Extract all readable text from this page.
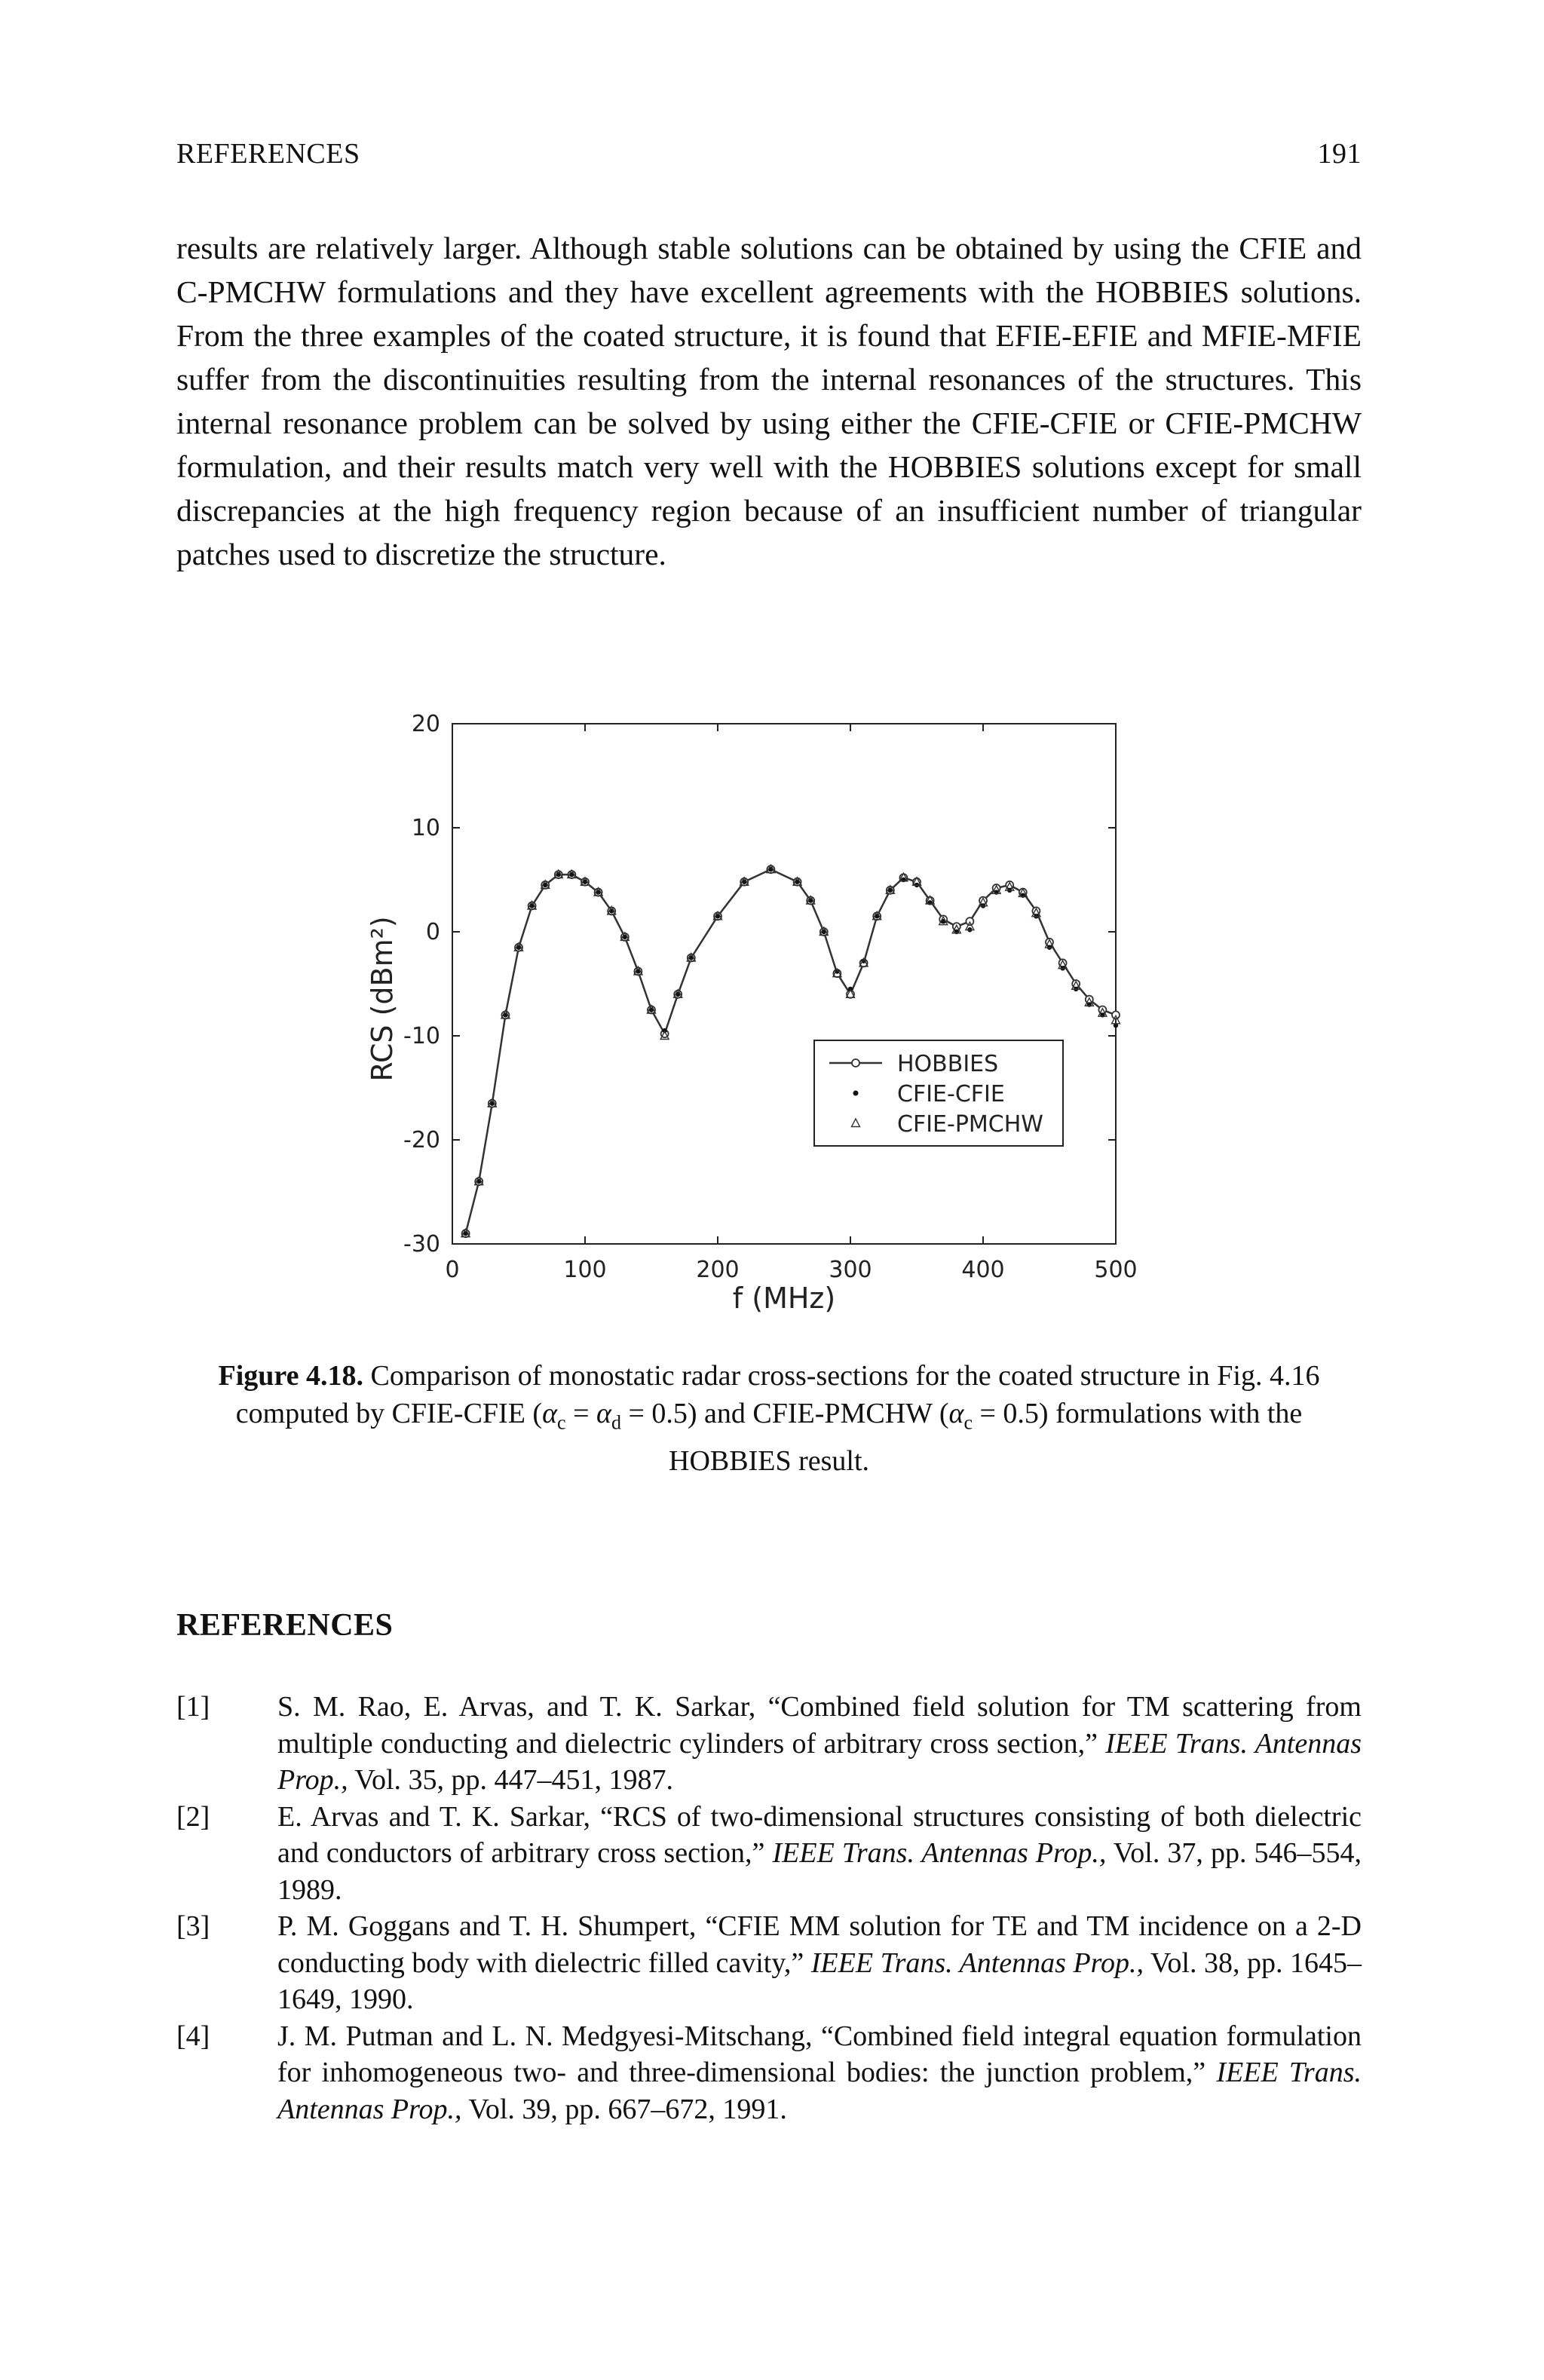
REFERENCES	191

results are relatively larger. Although stable solutions can be obtained by using the CFIE and C-PMCHW formulations and they have excellent agreements with the HOBBIES solutions. From the three examples of the coated structure, it is found that EFIE-EFIE and MFIE-MFIE suffer from the discontinuities resulting from the internal resonances of the structures. This internal resonance problem can be solved by using either the CFIE-CFIE or CFIE-PMCHW formulation, and their results match very well with the HOBBIES solutions except for small discrepancies at the high frequency region because of an insufficient number of triangular patches used to discretize the structure.

0	100	200	300	400	500
20
10
0
-10
-20
-30
HOBBIES
CFIE-CFIE
CFIE-PMCHW
f (MHz)
RCS (dBm²)
Figure 4.18. Comparison of monostatic radar cross-sections for the coated structure in Fig. 4.16 computed by CFIE-CFIE $(\alpha_c = \alpha_d = 0.5)$ and CFIE-PMCHW $(\alpha_c = 0.5)$ formulations with the HOBBIES result.
REFERENCES
[1]	S. M. Rao, E. Arvas, and T. K. Sarkar, “Combined field solution for TM scattering from multiple conducting and dielectric cylinders of arbitrary cross section,” IEEE Trans. Antennas Prop., Vol. 35, pp. 447–451, 1987.
[2]	E. Arvas and T. K. Sarkar, “RCS of two-dimensional structures consisting of both dielectric and conductors of arbitrary cross section,” IEEE Trans. Antennas Prop., Vol. 37, pp. 546–554, 1989.
[3]	P. M. Goggans and T. H. Shumpert, “CFIE MM solution for TE and TM incidence on a 2-D conducting body with dielectric filled cavity,” IEEE Trans. Antennas Prop., Vol. 38, pp. 1645–1649, 1990.
[4]	J. M. Putman and L. N. Medgyesi-Mitschang, “Combined field integral equation formulation for inhomogeneous two- and three-dimensional bodies: the junction problem,” IEEE Trans. Antennas Prop., Vol. 39, pp. 667–672, 1991.
